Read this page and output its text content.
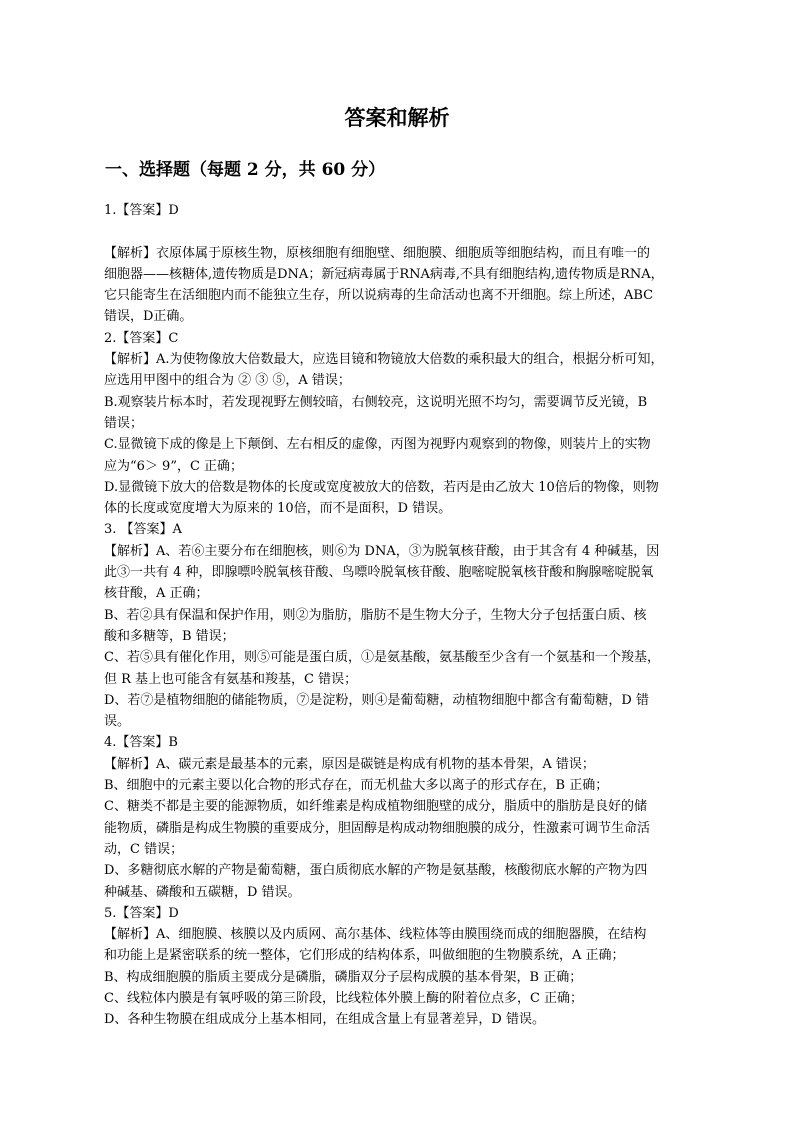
答案和解析
一、选择题（每题 2 分，共 60 分）
1.【答案】D
【解析】衣原体属于原核生物，原核细胞有细胞壁、细胞膜、细胞质等细胞结构，而且有唯一的
细胞器——核糖体,遗传物质是DNA；新冠病毒属于RNA病毒,不具有细胞结构,遗传物质是RNA，
它只能寄生在活细胞内而不能独立生存，所以说病毒的生命活动也离不开细胞。综上所述，ABC
错误，D正确。
2.【答案】C
【解析】A.为使物像放大倍数最大，应选目镜和物镜放大倍数的乘积最大的组合，根据分析可知，
应选用甲图中的组合为 ② ③ ⑤，A 错误；
B.观察装片标本时，若发现视野左侧较暗，右侧较亮，这说明光照不均匀，需要调节反光镜，B
错误；
C.显微镜下成的像是上下颠倒、左右相反的虚像，丙图为视野内观察到的物像，则装片上的实物
应为“6＞ 9”，C 正确；
D.显微镜下放大的倍数是物体的长度或宽度被放大的倍数，若丙是由乙放大 10倍后的物像，则物
体的长度或宽度增大为原来的 10倍，而不是面积，D 错误。
3. 【答案】A
【解析】A、若⑥主要分布在细胞核，则⑥为 DNA，③为脱氧核苷酸，由于其含有 4 种碱基，因
此③一共有 4 种，即腺嘌呤脱氧核苷酸、鸟嘌呤脱氧核苷酸、胞嘧啶脱氧核苷酸和胸腺嘧啶脱氧
核苷酸，A 正确；
B、若②具有保温和保护作用，则②为脂肪，脂肪不是生物大分子，生物大分子包括蛋白质、核
酸和多糖等，B 错误；
C、若⑤具有催化作用，则⑤可能是蛋白质，①是氨基酸，氨基酸至少含有一个氨基和一个羧基，
但 R 基上也可能含有氨基和羧基，C 错误；
D、若⑦是植物细胞的储能物质，⑦是淀粉，则④是葡萄糖，动植物细胞中都含有葡萄糖，D 错
误。
4.【答案】B
【解析】A、碳元素是最基本的元素，原因是碳链是构成有机物的基本骨架，A 错误；
B、细胞中的元素主要以化合物的形式存在，而无机盐大多以离子的形式存在，B 正确；
C、糖类不都是主要的能源物质，如纤维素是构成植物细胞壁的成分，脂质中的脂肪是良好的储
能物质，磷脂是构成生物膜的重要成分，胆固醇是构成动物细胞膜的成分，性激素可调节生命活
动，C 错误；
D、多糖彻底水解的产物是葡萄糖，蛋白质彻底水解的产物是氨基酸，核酸彻底水解的产物为四
种碱基、磷酸和五碳糖，D 错误。
5.【答案】D
【解析】A、细胞膜、核膜以及内质网、高尔基体、线粒体等由膜围绕而成的细胞器膜，在结构
和功能上是紧密联系的统一整体，它们形成的结构体系，叫做细胞的生物膜系统，A 正确；
B、构成细胞膜的脂质主要成分是磷脂，磷脂双分子层构成膜的基本骨架，B 正确；
C、线粒体内膜是有氧呼吸的第三阶段，比线粒体外膜上酶的附着位点多，C 正确；
D、各种生物膜在组成成分上基本相同，在组成含量上有显著差异，D 错误。
